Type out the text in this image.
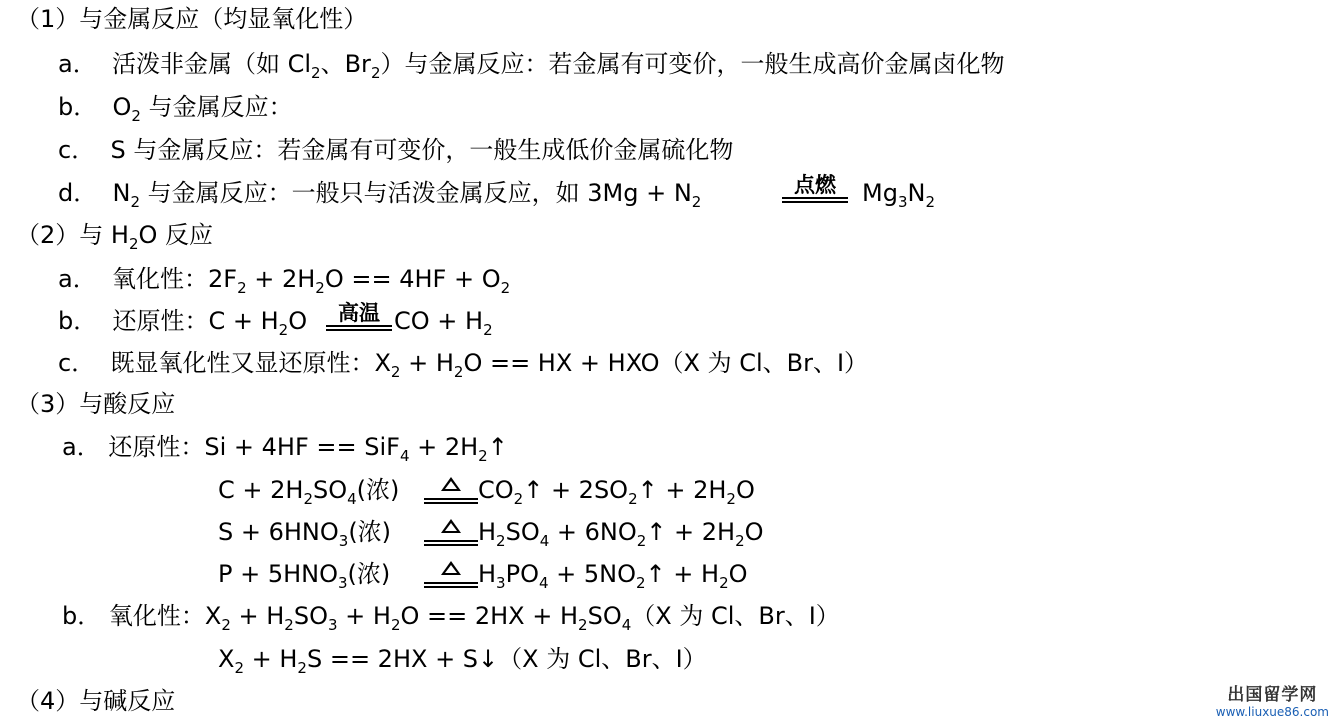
（1）与金属反应（均显氧化性）
a． 活泼非金属（如 $Cl_2$、$Br_2$）与金属反应：若金属有可变价，一般生成高价金属卤化物
b． $O_2$ 与金属反应：
c． S 与金属反应：若金属有可变价，一般生成低价金属硫化物
d． $N_2$ 与金属反应：一般只与活泼金属反应，如 $3Mg + N_2$
点燃	$Mg_3N_2$
（2）与 $H_2O$ 反应
a． 氧化性：$2F_2 + 2H_2O == 4HF + O_2$
b． 还原性：$C + H_2O$	高温 CO + $H_2$
c． 既显氧化性又显还原性：$X_2 + H_2O$ == HX + HXO（X 为 Cl、Br、I）
（3）与酸反应
a． 还原性：$Si + 4HF == SiF_4 + 2H_2↑$
$C + 2H_2SO_4$(浓)	$CO_2↑$ + $2SO_2↑ + 2H_2O$
$S + 6HNO_3$(浓)	$H_2SO_4$ + $6NO_2↑ + 2H_2O$
$P + 5HNO_3$(浓)	$H_3PO_4$ + $5NO_2↑ + H_2O$
b． 氧化性：$X_2 + H_2SO_3 + H_2O == 2HX + H_2SO_4(X$ 为 Cl、Br、I）
$X_2 + H_2S == 2HX$ + S↓（X 为 Cl、Br、I）
（4）与碱反应	出国留学网
www.liuxue86.com
